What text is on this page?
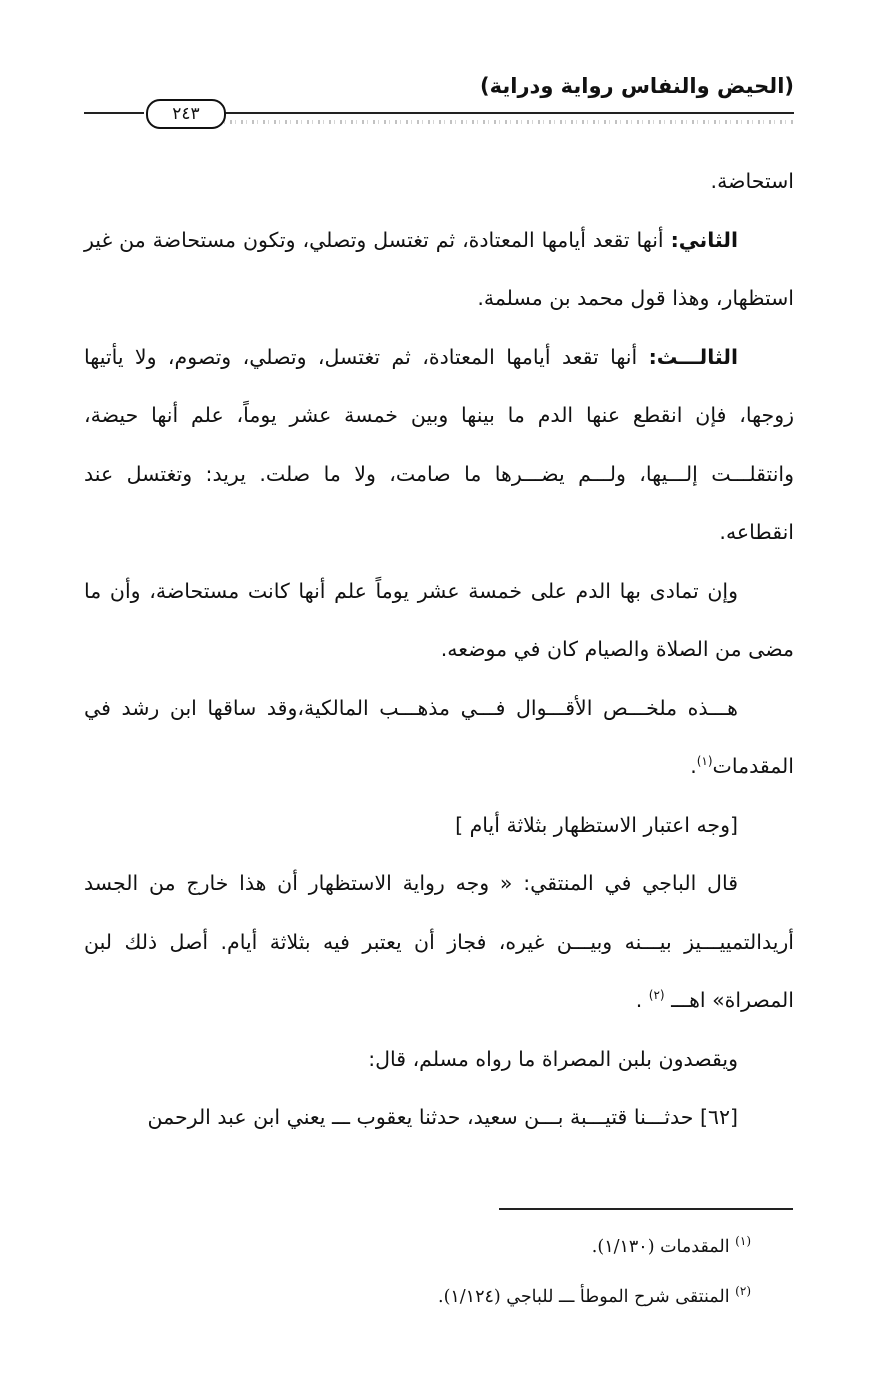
(الحيض والنفاس رواية ودراية)
٢٤٣

استحاضة.

الثاني: أنها تقعد أيامها المعتادة، ثم تغتسل وتصلي، وتكون مستحاضة من غير استظهار، وهذا قول محمد بن مسلمة.

الثالـــث: أنها تقعد أيامها المعتادة، ثم تغتسل، وتصلي، وتصوم، ولا يأتيها زوجها، فإن انقطع عنها الدم ما بينها وبين خمسة عشر يوماً، علم أنها حيضة، وانتقلـــت إلـــيها، ولـــم يضـــرها ما صامت، ولا ما صلت. يريد: وتغتسل عند انقطاعه.

وإن تمادى بها الدم على خمسة عشر يوماً علم أنها كانت مستحاضة، وأن ما مضى من الصلاة والصيام كان في موضعه.

هـــذه ملخـــص الأقـــوال فـــي مذهـــب المالكية،وقد ساقها ابن رشد في المقدمات$^{(١)}$.

[وجه اعتبار الاستظهار بثلاثة أيام ]

قال الباجي في المنتقي: « وجه رواية الاستظهار أن هذا خارج من الجسد أريدالتمييـــيز بيـــنه وبيـــن غيره، فجاز أن يعتبر فيه بثلاثة أيام. أصل ذلك لبن المصراة» اهـــ $^{(٢)}$ .

ويقصدون بلبن المصراة ما رواه مسلم، قال:

[٦٢] حدثـــنا قتيـــبة بـــن سعيد، حدثنا يعقوب ـــ يعني ابن عبد الرحمن

$^{(١)}$ المقدمات (١/١٣٠).

$^{(٢)}$ المنتقى شرح الموطأ ـــ للباجي (١/١٢٤).
